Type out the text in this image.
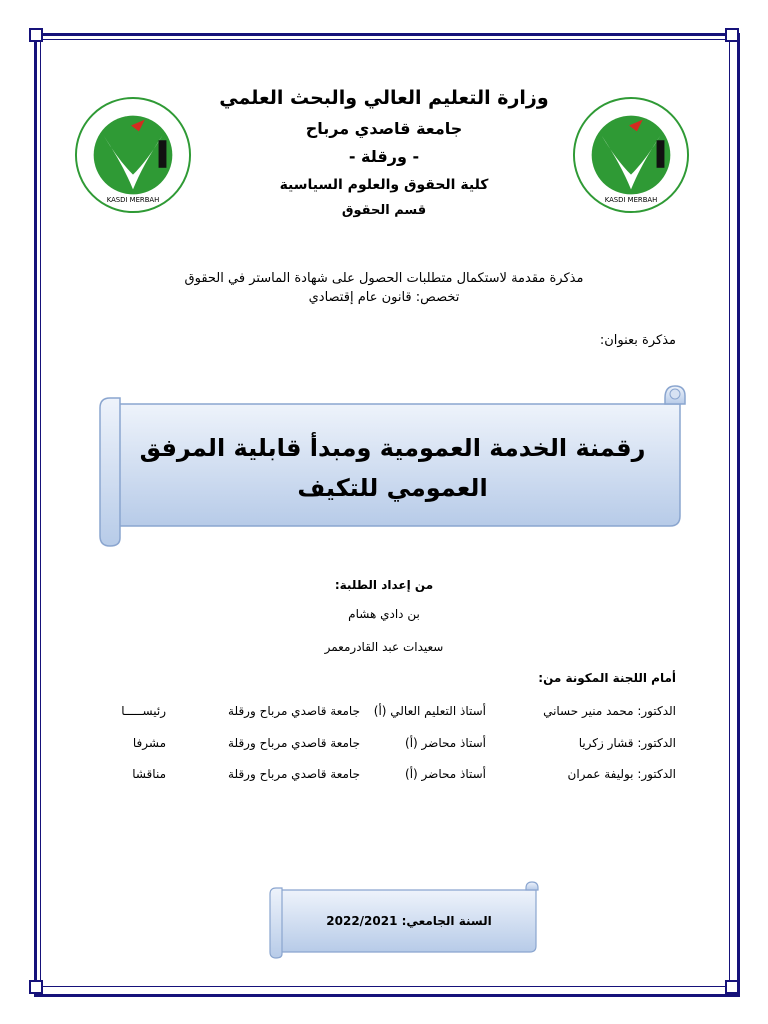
KASDI MERBAH	KASDI MERBAH
وزارة التعليم العالي والبحث العلمي
جامعة قاصدي مرباح
- ورقلة -
كلية الحقوق والعلوم السياسية
قسم الحقوق
مذكرة مقدمة لاستكمال متطلبات الحصول على شهادة الماستر في الحقوق
تخصص: قانون عام إقتصادي
مذكرة بعنوان:
رقمنة الخدمة العمومية ومبدأ قابلية المرفق
العمومي للتكيف
من إعداد الطلبة:
بن دادي هشام
سعيدات عبد القادرمعمر
أمام اللجنة المكونة من:
الدكتور: محمد منير حساني
أستاذ التعليم العالي (أ)
جامعة قاصدي مرباح ورقلة
رئيســـــا
الدكتور: قشار زكريا
أستاذ محاضر (أ)
جامعة قاصدي مرباح ورقلة
مشرفا
الدكتور: بوليفة عمران
أستاذ محاضر (أ)
جامعة قاصدي مرباح ورقلة
مناقشا
السنة الجامعي: 2022/2021
